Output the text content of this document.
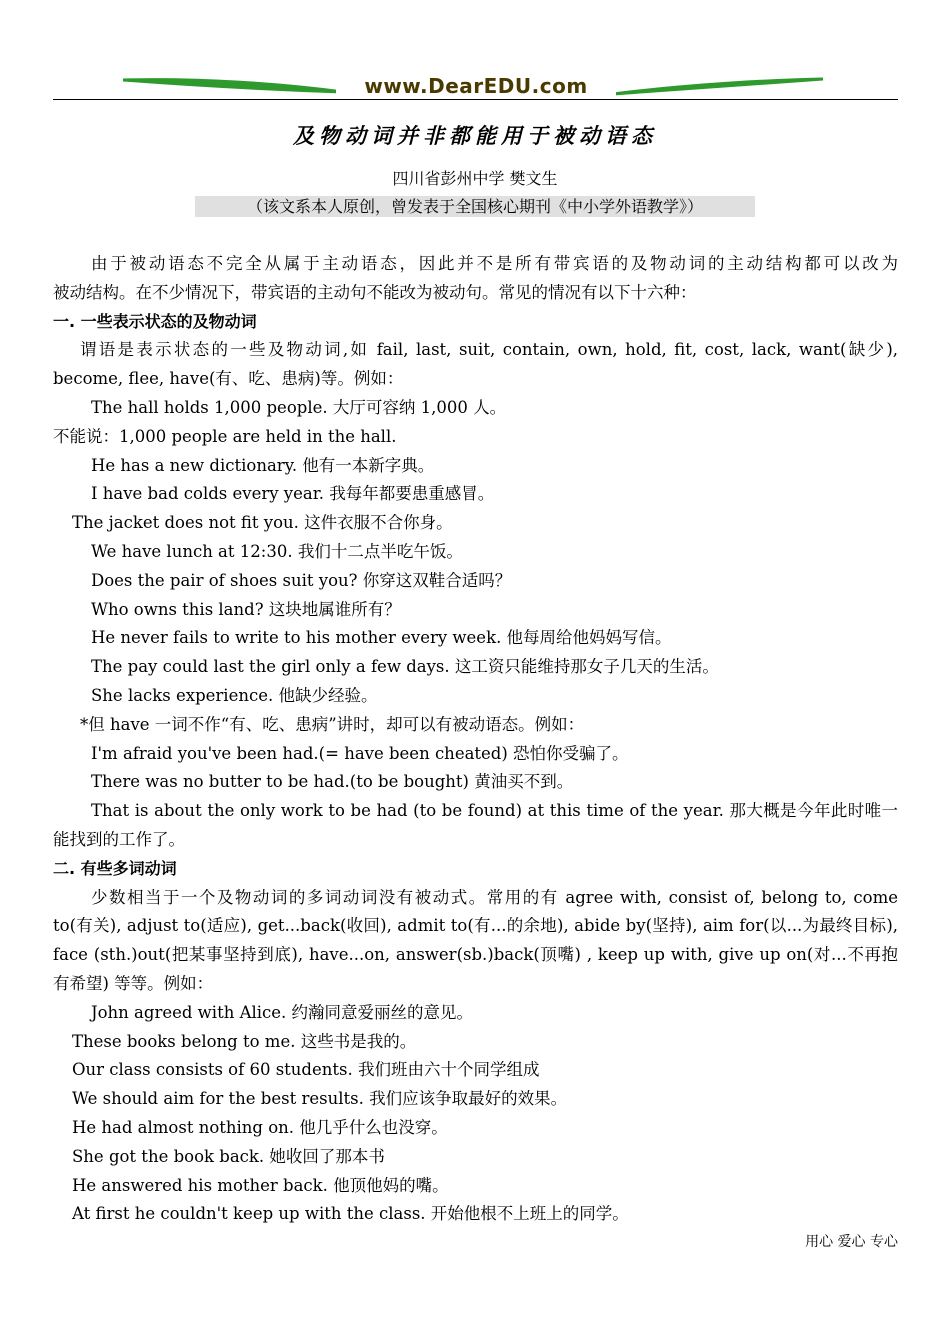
www.DearEDU.com
及物动词并非都能用于被动语态
四川省彭州中学 樊文生
（该文系本人原创，曾发表于全国核心期刊《中小学外语教学》）
由于被动语态不完全从属于主动语态，因此并不是所有带宾语的及物动词的主动结构都可以改为
被动结构。在不少情况下，带宾语的主动句不能改为被动句。常见的情况有以下十六种：
一. 一些表示状态的及物动词
谓语是表示状态的一些及物动词,如 fail, last, suit, contain, own, hold, fit, cost, lack, want(缺少),
become, flee, have(有、吃、患病)等。例如：
The hall holds 1,000 people. 大厅可容纳 1,000 人。
不能说：1,000 people are held in the hall.
He has a new dictionary. 他有一本新字典。
I have bad colds every year. 我每年都要患重感冒。
The jacket does not fit you. 这件衣服不合你身。
We have lunch at 12:30. 我们十二点半吃午饭。
Does the pair of shoes suit you? 你穿这双鞋合适吗？
Who owns this land? 这块地属谁所有？
He never fails to write to his mother every week. 他每周给他妈妈写信。
The pay could last the girl only a few days. 这工资只能维持那女子几天的生活。
She lacks experience. 他缺少经验。
*但 have 一词不作“有、吃、患病”讲时，却可以有被动语态。例如：
I'm afraid you've been had.(= have been cheated) 恐怕你受骗了。
There was no butter to be had.(to be bought) 黄油买不到。
That is about the only work to be had (to be found) at this time of the year. 那大概是今年此时唯一
能找到的工作了。
二. 有些多词动词
少数相当于一个及物动词的多词动词没有被动式。常用的有 agree with, consist of, belong to, come
to(有关), adjust to(适应), get...back(收回), admit to(有...的余地), abide by(坚持), aim for(以...为最终目标),
face (sth.)out(把某事坚持到底), have...on, answer(sb.)back(顶嘴) , keep up with, give up on(对...不再抱
有希望) 等等。例如：
John agreed with Alice. 约瀚同意爱丽丝的意见。
These books belong to me. 这些书是我的。
Our class consists of 60 students. 我们班由六十个同学组成
We should aim for the best results. 我们应该争取最好的效果。
He had almost nothing on. 他几乎什么也没穿。
She got the book back. 她收回了那本书
He answered his mother back. 他顶他妈的嘴。
At first he couldn't keep up with the class. 开始他根不上班上的同学。
用心 爱心 专心
